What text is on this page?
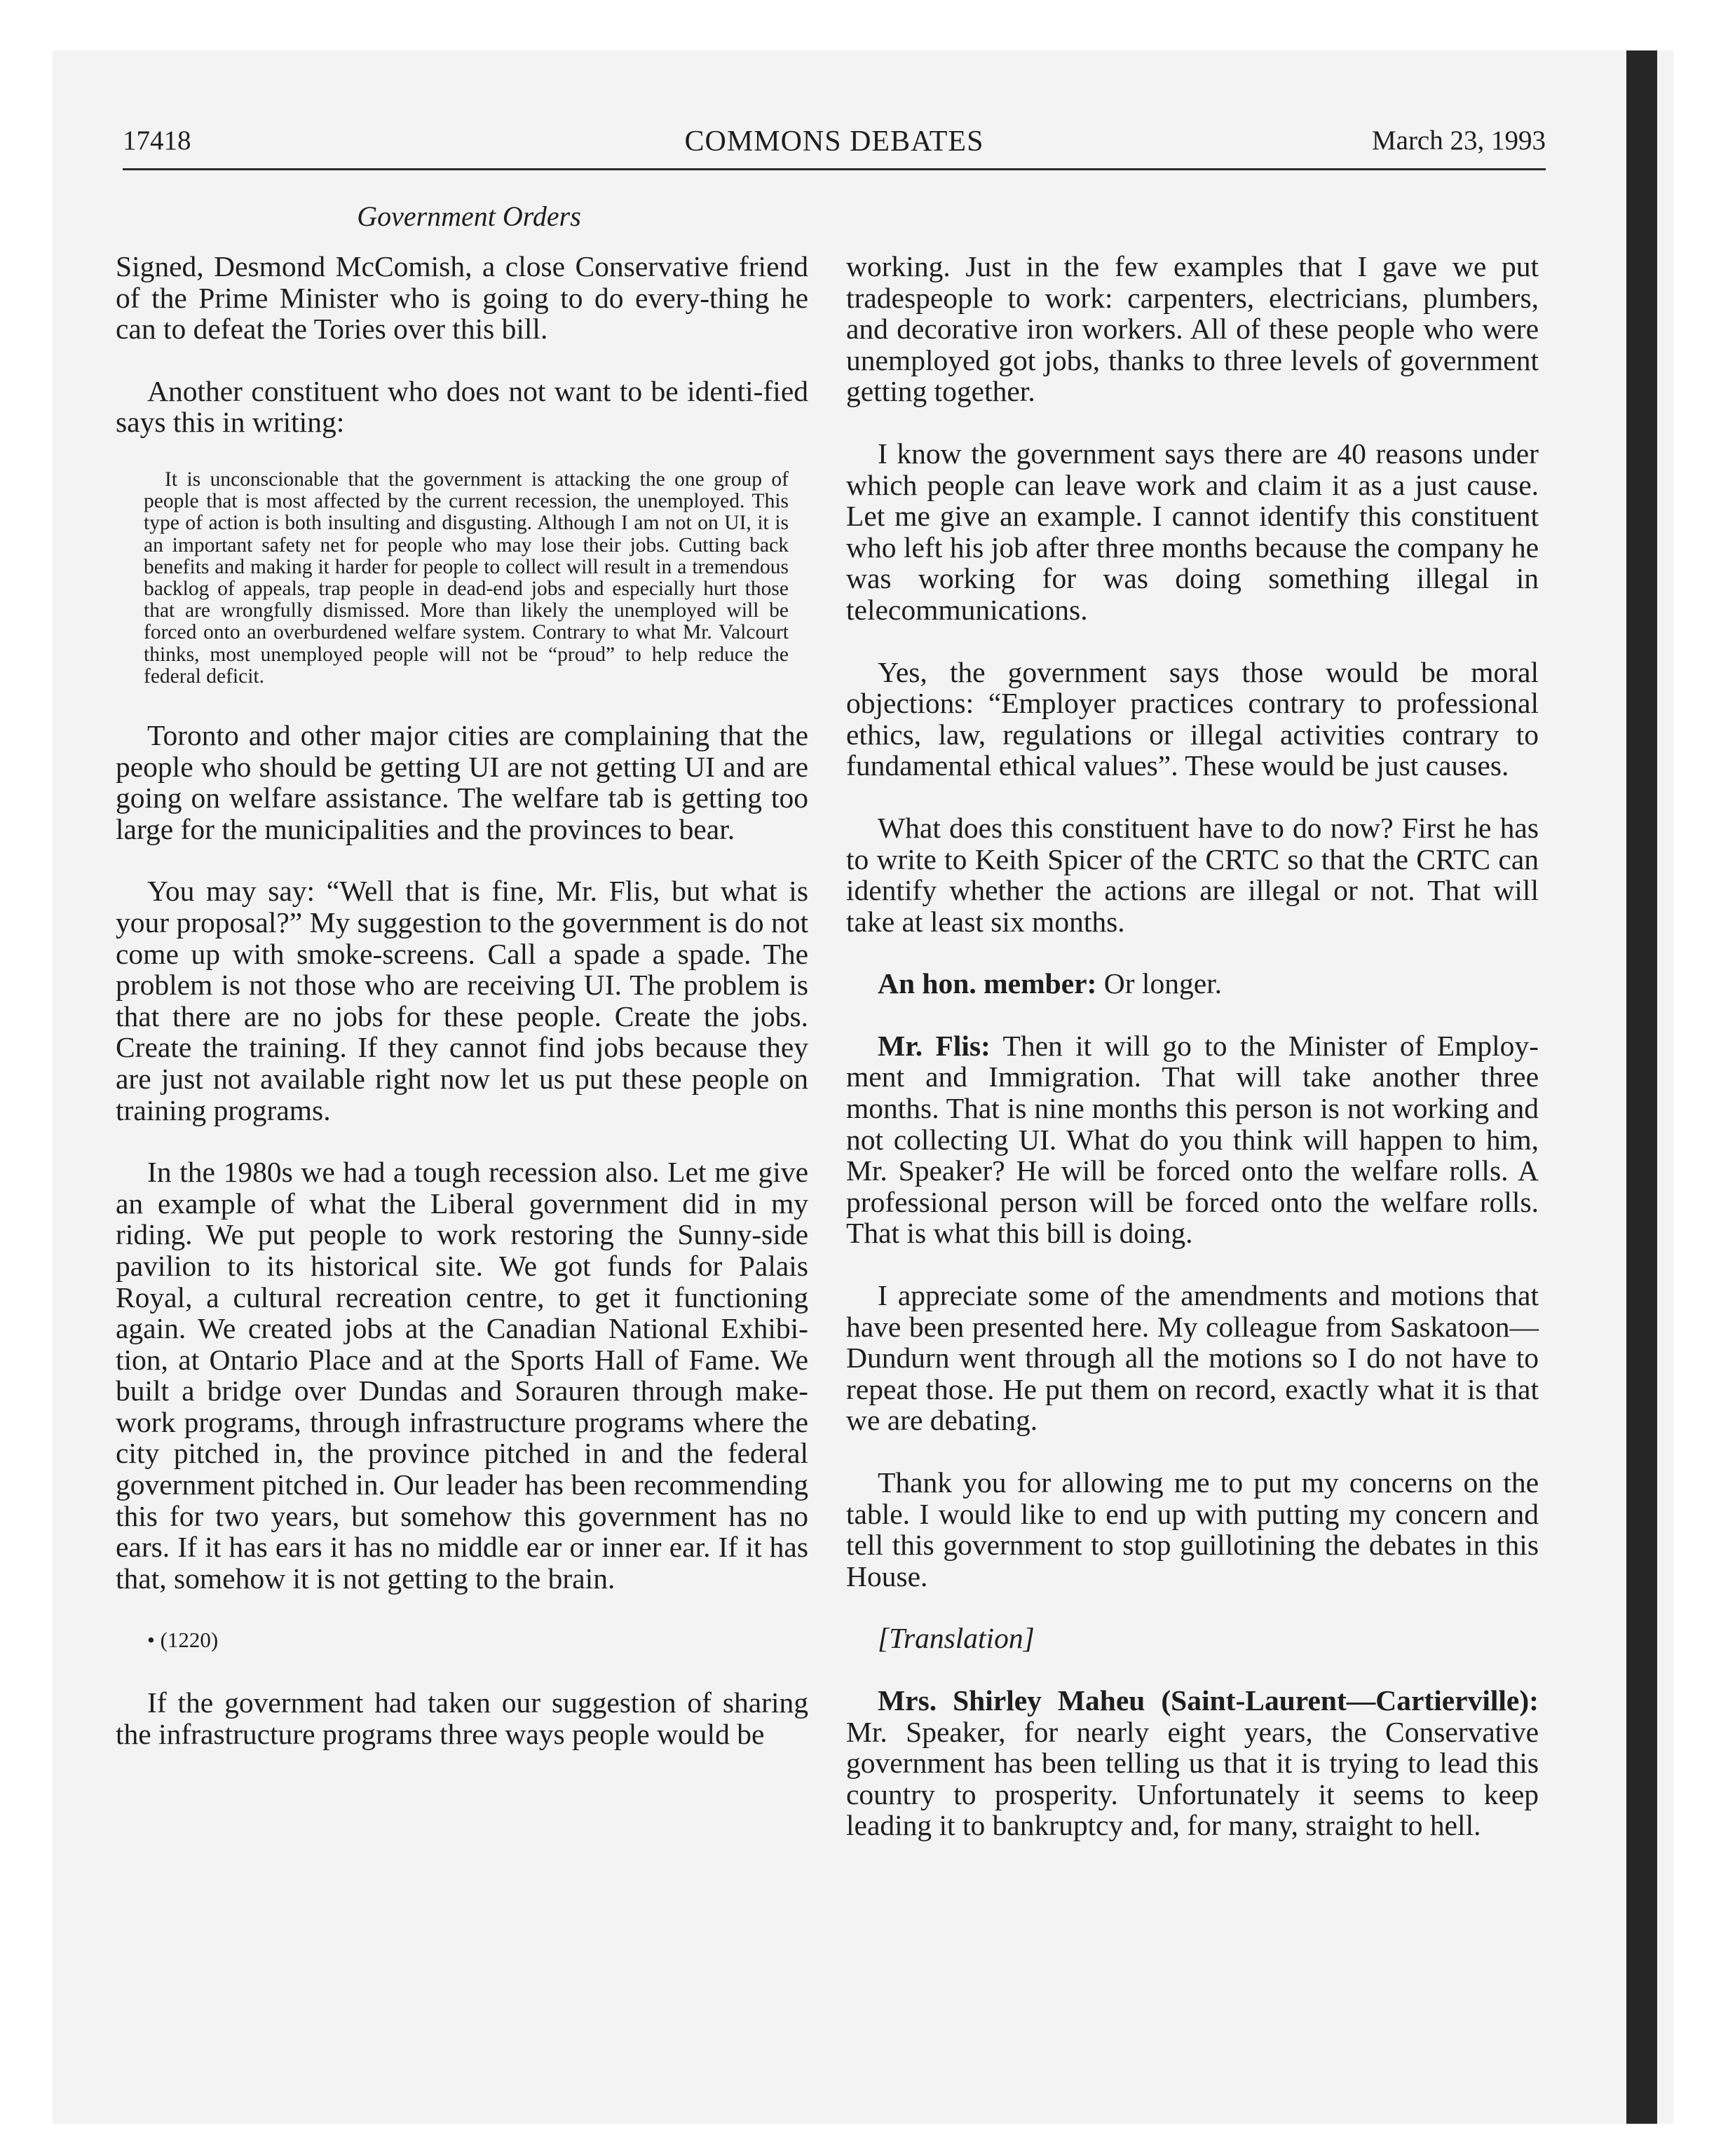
17418	COMMONS DEBATES	March 23, 1993
Government Orders

Signed, Desmond McComish, a close Conservative friend of the Prime Minister who is going to do every-thing he can to defeat the Tories over this bill.

Another constituent who does not want to be identi-fied says this in writing:

It is unconscionable that the government is attacking the one group of people that is most affected by the current recession, the unemployed. This type of action is both insulting and disgusting. Although I am not on UI, it is an important safety net for people who may lose their jobs. Cutting back benefits and making it harder for people to collect will result in a tremendous backlog of appeals, trap people in dead-end jobs and especially hurt those that are wrongfully dismissed. More than likely the unemployed will be forced onto an overburdened welfare system. Contrary to what Mr. Valcourt thinks, most unemployed people will not be “proud” to help reduce the federal deficit.

Toronto and other major cities are complaining that the people who should be getting UI are not getting UI and are going on welfare assistance. The welfare tab is getting too large for the municipalities and the provinces to bear.

You may say: “Well that is fine, Mr. Flis, but what is your proposal?” My suggestion to the government is do not come up with smoke-screens. Call a spade a spade. The problem is not those who are receiving UI. The problem is that there are no jobs for these people. Create the jobs. Create the training. If they cannot find jobs because they are just not available right now let us put these people on training programs.

In the 1980s we had a tough recession also. Let me give an example of what the Liberal government did in my riding. We put people to work restoring the Sunny-side pavilion to its historical site. We got funds for Palais Royal, a cultural recreation centre, to get it functioning again. We created jobs at the Canadian National Exhibi-tion, at Ontario Place and at the Sports Hall of Fame. We built a bridge over Dundas and Sorauren through make-work programs, through infrastructure programs where the city pitched in, the province pitched in and the federal government pitched in. Our leader has been recommending this for two years, but somehow this government has no ears. If it has ears it has no middle ear or inner ear. If it has that, somehow it is not getting to the brain.

• (1220)

If the government had taken our suggestion of sharing the infrastructure programs three ways people would be

working. Just in the few examples that I gave we put tradespeople to work: carpenters, electricians, plumbers, and decorative iron workers. All of these people who were unemployed got jobs, thanks to three levels of government getting together.

I know the government says there are 40 reasons under which people can leave work and claim it as a just cause. Let me give an example. I cannot identify this constituent who left his job after three months because the company he was working for was doing something illegal in telecommunications.

Yes, the government says those would be moral objections: “Employer practices contrary to professional ethics, law, regulations or illegal activities contrary to fundamental ethical values”. These would be just causes.

What does this constituent have to do now? First he has to write to Keith Spicer of the CRTC so that the CRTC can identify whether the actions are illegal or not. That will take at least six months.

An hon. member: Or longer.

Mr. Flis: Then it will go to the Minister of Employ-ment and Immigration. That will take another three months. That is nine months this person is not working and not collecting UI. What do you think will happen to him, Mr. Speaker? He will be forced onto the welfare rolls. A professional person will be forced onto the welfare rolls. That is what this bill is doing.

I appreciate some of the amendments and motions that have been presented here. My colleague from Saskatoon—Dundurn went through all the motions so I do not have to repeat those. He put them on record, exactly what it is that we are debating.

Thank you for allowing me to put my concerns on the table. I would like to end up with putting my concern and tell this government to stop guillotining the debates in this House.

[Translation]

Mrs. Shirley Maheu (Saint-Laurent—Cartierville): Mr. Speaker, for nearly eight years, the Conservative government has been telling us that it is trying to lead this country to prosperity. Unfortunately it seems to keep leading it to bankruptcy and, for many, straight to hell.
